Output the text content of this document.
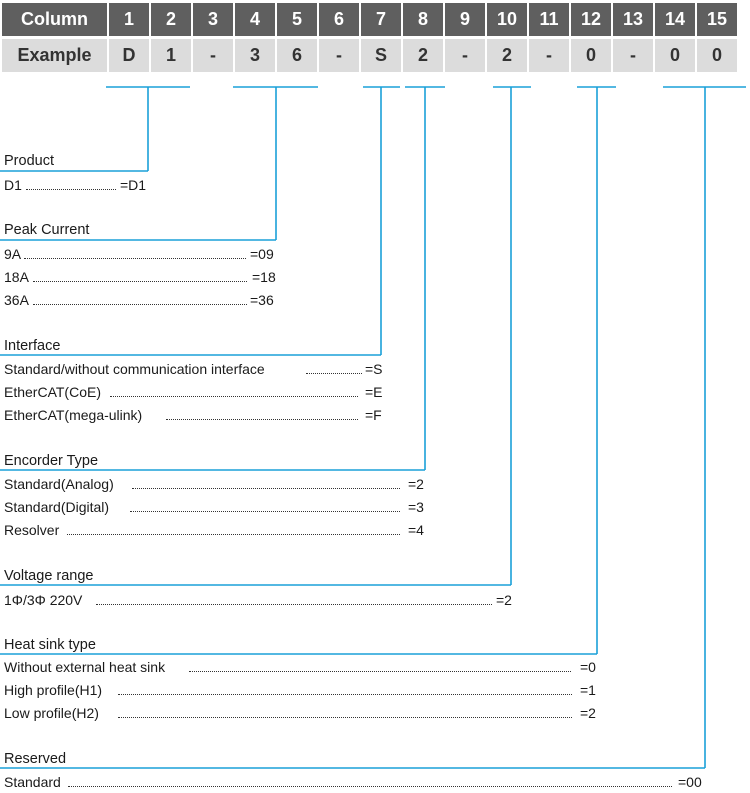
Column	1	2	3	4	5	6	7	8	9	10	11	12	13	14	15
Example	D	1	-	3	6	-	S	2	-	2	-	0	-	0	0
Product
D1	=D1
Peak Current
9A	=09
18A	=18
36A	=36
Interface
Standard/without communication interface	=S
EtherCAT(CoE)	=E
EtherCAT(mega-ulink)	=F
Encorder Type
Standard(Analog)	=2
Standard(Digital)	=3
Resolver	=4
Voltage range
1Φ/3Φ 220V	=2
Heat sink type
Without external heat sink	=0
High profile(H1)	=1
Low profile(H2)	=2
Reserved
Standard	=00
